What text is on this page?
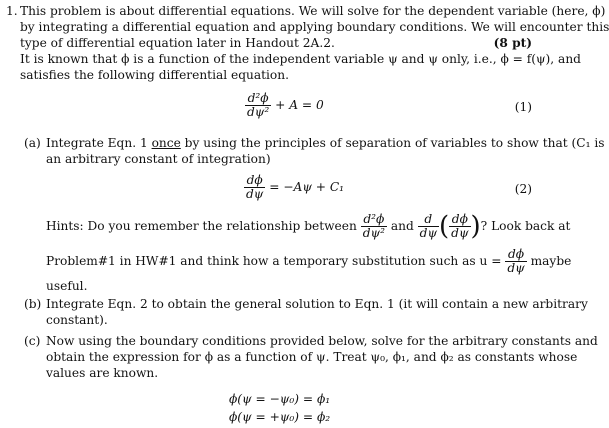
1. This problem is about differential equations. We will solve for the dependent variable (here, ϕ)
by integrating a differential equation and applying boundary conditions. We will encounter this
type of differential equation later in Handout 2A.2.	(8 pt)
It is known that ϕ is a function of the independent variable ψ and ψ only, i.e., ϕ = f(ψ), and
satisfies the following differential equation.
$\frac{\text{d²ϕ}}{\text{dψ²}} + A = 0$	(1)
(a) Integrate Eqn. 1 once by using the principles of separation of variables to show that (C₁ is
an arbitrary constant of integration)
$\frac{d\phi}{d\psi} = -A\psi + C_1$	(2)
Hints: Do you remember the relationship between $\frac{\text{d²ϕ}}{\text{dψ²}}$ and $\frac{d}{d\psi}$ ( $\frac{d\phi}{d\psi}$ )? Look back at
Problem#1 in HW#1 and think how a temporary substitution such as $u = \frac{d\phi}{d\psi}$ maybe
useful.
(b) Integrate Eqn. 2 to obtain the general solution to Eqn. 1 (it will contain a new arbitrary
constant).
(c) Now using the boundary conditions provided below, solve for the arbitrary constants and
obtain the expression for ϕ as a function of ψ. Treat ψ₀, ϕ₁, and ϕ₂ as constants whose
values are known.
ϕ(ψ = −ψ₀) = ϕ₁
ϕ(ψ = +ψ₀) = ϕ₂
